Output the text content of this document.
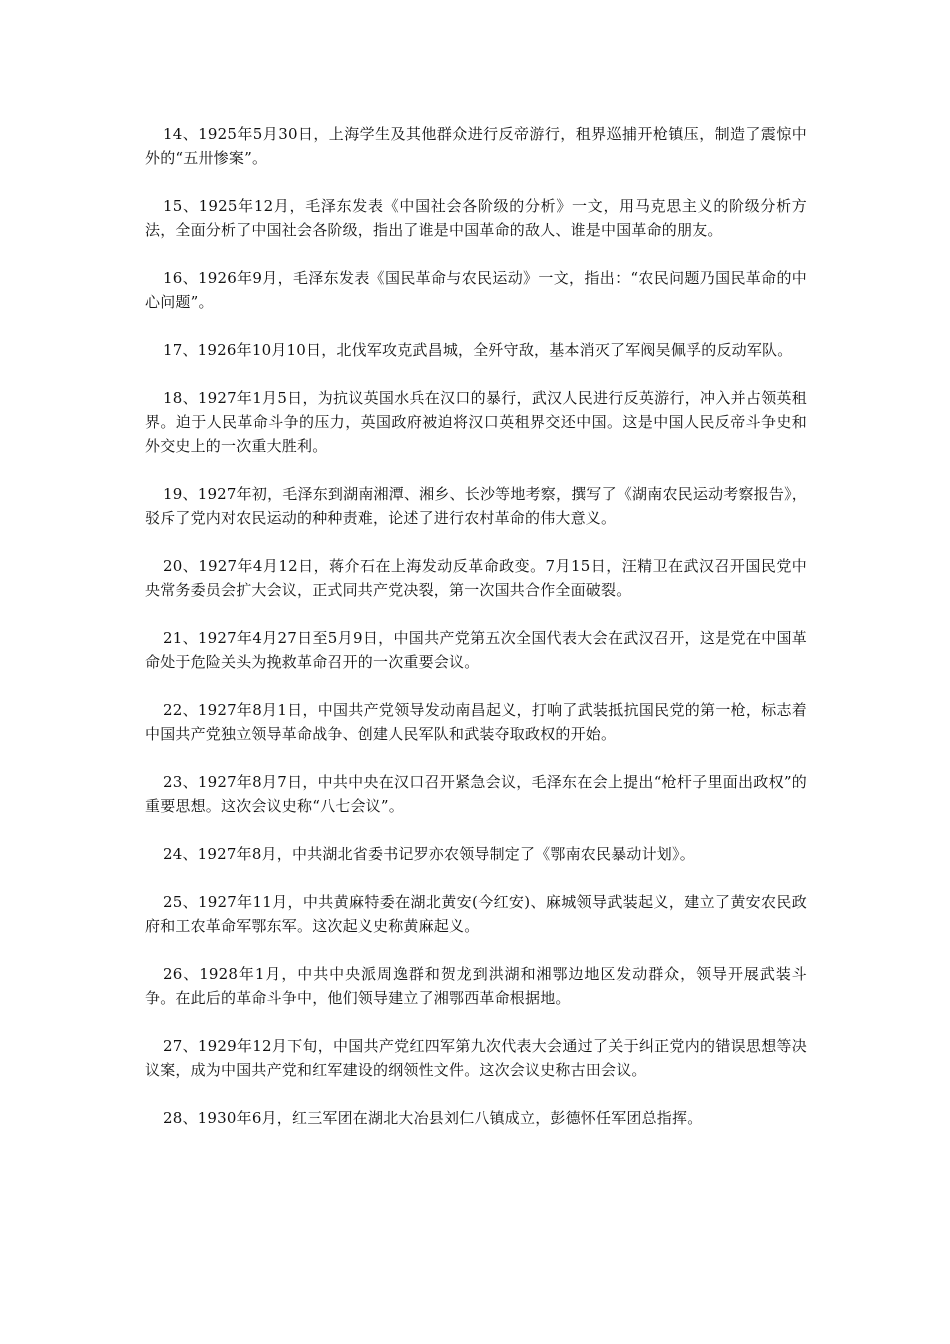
14、1925年5月30日，上海学生及其他群众进行反帝游行，租界巡捕开枪镇压，制造了震惊中外的“五卅惨案”。

15、1925年12月，毛泽东发表《中国社会各阶级的分析》一文，用马克思主义的阶级分析方法，全面分析了中国社会各阶级，指出了谁是中国革命的敌人、谁是中国革命的朋友。

16、1926年9月，毛泽东发表《国民革命与农民运动》一文，指出：“农民问题乃国民革命的中心问题”。

17、1926年10月10日，北伐军攻克武昌城，全歼守敌，基本消灭了军阀吴佩孚的反动军队。

18、1927年1月5日，为抗议英国水兵在汉口的暴行，武汉人民进行反英游行，冲入并占领英租界。迫于人民革命斗争的压力，英国政府被迫将汉口英租界交还中国。这是中国人民反帝斗争史和外交史上的一次重大胜利。

19、1927年初，毛泽东到湖南湘潭、湘乡、长沙等地考察，撰写了《湖南农民运动考察报告》，驳斥了党内对农民运动的种种责难，论述了进行农村革命的伟大意义。

20、1927年4月12日，蒋介石在上海发动反革命政变。7月15日，汪精卫在武汉召开国民党中央常务委员会扩大会议，正式同共产党决裂，第一次国共合作全面破裂。

21、1927年4月27日至5月9日，中国共产党第五次全国代表大会在武汉召开，这是党在中国革命处于危险关头为挽救革命召开的一次重要会议。

22、1927年8月1日，中国共产党领导发动南昌起义，打响了武装抵抗国民党的第一枪，标志着中国共产党独立领导革命战争、创建人民军队和武装夺取政权的开始。

23、1927年8月7日，中共中央在汉口召开紧急会议，毛泽东在会上提出“枪杆子里面出政权”的重要思想。这次会议史称“八七会议”。

24、1927年8月，中共湖北省委书记罗亦农领导制定了《鄂南农民暴动计划》。

25、1927年11月，中共黄麻特委在湖北黄安(今红安)、麻城领导武装起义，建立了黄安农民政府和工农革命军鄂东军。这次起义史称黄麻起义。

26、1928年1月，中共中央派周逸群和贺龙到洪湖和湘鄂边地区发动群众，领导开展武装斗争。在此后的革命斗争中，他们领导建立了湘鄂西革命根据地。

27、1929年12月下旬，中国共产党红四军第九次代表大会通过了关于纠正党内的错误思想等决议案，成为中国共产党和红军建设的纲领性文件。这次会议史称古田会议。

28、1930年6月，红三军团在湖北大冶县刘仁八镇成立，彭德怀任军团总指挥。
